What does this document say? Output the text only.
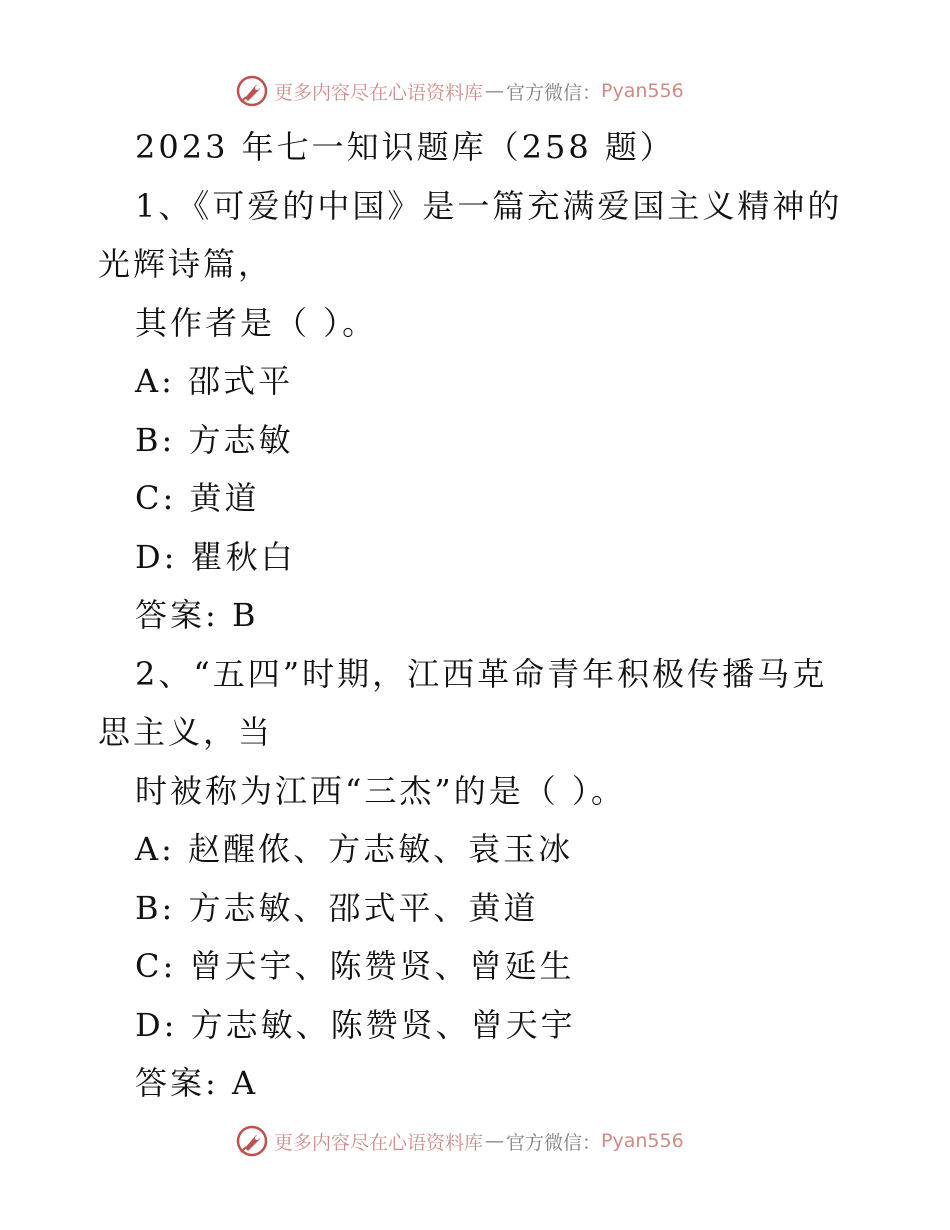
更多内容尽在心语资料库 — 官方微信： Pyan556
2023 年七一知识题库（258 题）
1、《可爱的中国》是一篇充满爱国主义精神的
光辉诗篇，
其作者是（ ）。
A: 邵式平
B: 方志敏
C: 黄道
D: 瞿秋白
答案: B
2、“五四”时期，江西革命青年积极传播马克
思主义，当
时被称为江西“三杰”的是（ ）。
A: 赵醒侬、方志敏、袁玉冰
B: 方志敏、邵式平、黄道
C: 曾天宇、陈赞贤、曾延生
D: 方志敏、陈赞贤、曾天宇
答案: A
更多内容尽在心语资料库 — 官方微信： Pyan556
